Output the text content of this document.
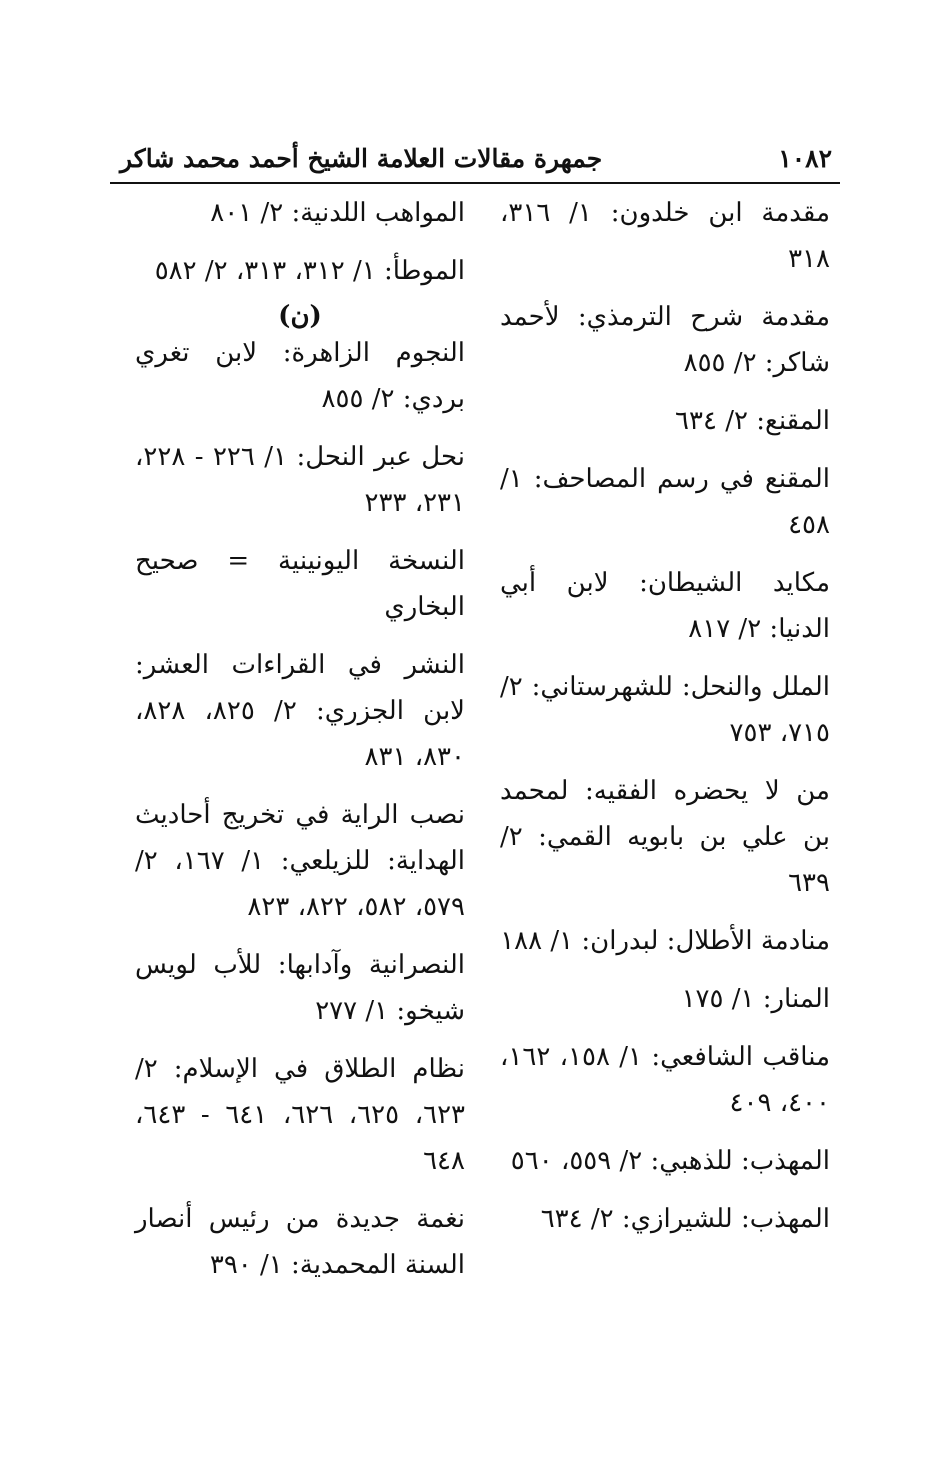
جمهرة مقالات العلامة الشيخ أحمد محمد شاكر	١٠٨٢
مقدمة ابن خلدون: ١/ ٣١٦، ٣١٨
مقدمة شرح الترمذي: لأحمد شاكر: ٢/ ٨٥٥
المقنع: ٢/ ٦٣٤
المقنع في رسم المصاحف: ١/ ٤٥٨
مكايد الشيطان: لابن أبي الدنيا: ٢/ ٨١٧
الملل والنحل: للشهرستاني: ٢/ ٧١٥، ٧٥٣
من لا يحضره الفقيه: لمحمد بن علي بن بابويه القمي: ٢/ ٦٣٩
منادمة الأطلال: لبدران: ١/ ١٨٨
المنار: ١/ ١٧٥
مناقب الشافعي: ١/ ١٥٨، ١٦٢، ٤٠٠، ٤٠٩
المهذب: للذهبي: ٢/ ٥٥٩، ٥٦٠
المهذب: للشيرازي: ٢/ ٦٣٤
المواهب اللدنية: ٢/ ٨٠١
الموطأ: ١/ ٣١٢، ٣١٣، ٢/ ٥٨٢
(ن)
النجوم الزاهرة: لابن تغري بردي: ٢/ ٨٥٥
نحل عبر النحل: ١/ ٢٢٦ - ٢٢٨، ٢٣١، ٢٣٣
النسخة اليونينية = صحيح البخاري
النشر في القراءات العشر: لابن الجزري: ٢/ ٨٢٥، ٨٢٨، ٨٣٠، ٨٣١
نصب الراية في تخريج أحاديث الهداية: للزيلعي: ١/ ١٦٧، ٢/ ٥٧٩، ٥٨٢، ٨٢٢، ٨٢٣
النصرانية وآدابها: للأب لويس شيخو: ١/ ٢٧٧
نظام الطلاق في الإسلام: ٢/ ٦٢٣، ٦٢٥، ٦٢٦، ٦٤١ - ٦٤٣، ٦٤٨
نغمة جديدة من رئيس أنصار السنة المحمدية: ١/ ٣٩٠
